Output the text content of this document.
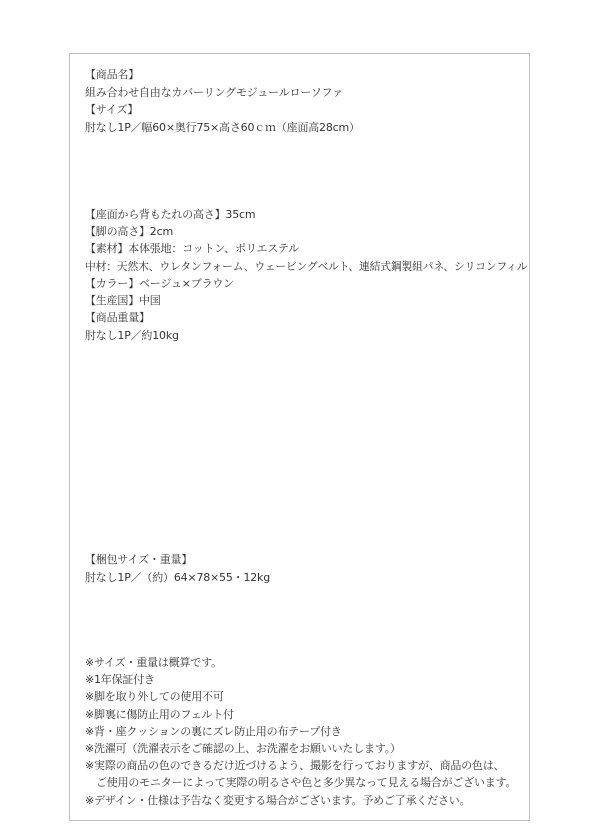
【商品名】
組み合わせ自由なカバーリングモジュールローソファ
【サイズ】
肘なし1P／幅60×奥行75×高さ60ｃｍ（座面高28cm）
【座面から背もたれの高さ】35cm
【脚の高さ】2cm
【素材】本体張地：コットン、ポリエステル
中材：天然木、ウレタンフォーム、ウェービングベルト、連結式鋼製組パネ、シリコンフィル
【カラー】ベージュ×ブラウン
【生産国】中国
【商品重量】
肘なし1P／約10kg
【梱包サイズ・重量】
肘なし1P／（約）64×78×55・12kg
※サイズ・重量は概算です。
※1年保証付き
※脚を取り外しての使用不可
※脚裏に傷防止用のフェルト付
※背・座クッションの裏にズレ防止用の布テープ付き
※洗濯可（洗濯表示をご確認の上、お洗濯をお願いいたします。）
※実際の商品の色のできるだけ近づけるよう、撮影を行っておりますが、商品の色は、
ご使用のモニターによって実際の明るさや色と多少異なって見える場合がございます。
※デザイン・仕様は予告なく変更する場合がございます。予めご了承ください。
